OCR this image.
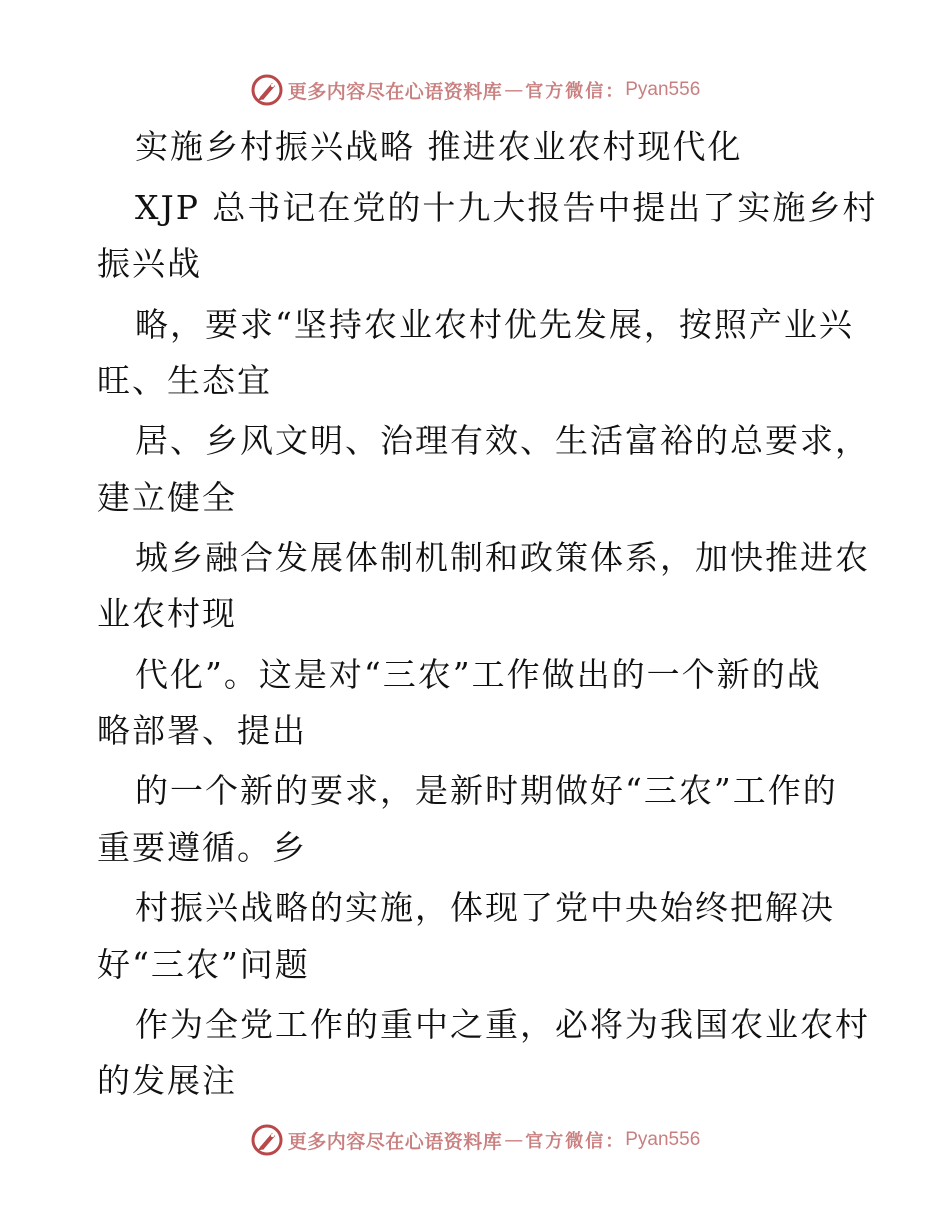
更多内容尽在心语资料库 — 官方微信： Pyan556
实施乡村振兴战略 推进农业农村现代化
XJP 总书记在党的十九大报告中提出了实施乡村
振兴战
略，要求“坚持农业农村优先发展，按照产业兴
旺、生态宜
居、乡风文明、治理有效、生活富裕的总要求，
建立健全
城乡融合发展体制机制和政策体系，加快推进农
业农村现
代化”。这是对“三农”工作做出的一个新的战
略部署、提出
的一个新的要求，是新时期做好“三农”工作的
重要遵循。乡
村振兴战略的实施，体现了党中央始终把解决
好“三农”问题
作为全党工作的重中之重，必将为我国农业农村
的发展注
更多内容尽在心语资料库 — 官方微信： Pyan556
